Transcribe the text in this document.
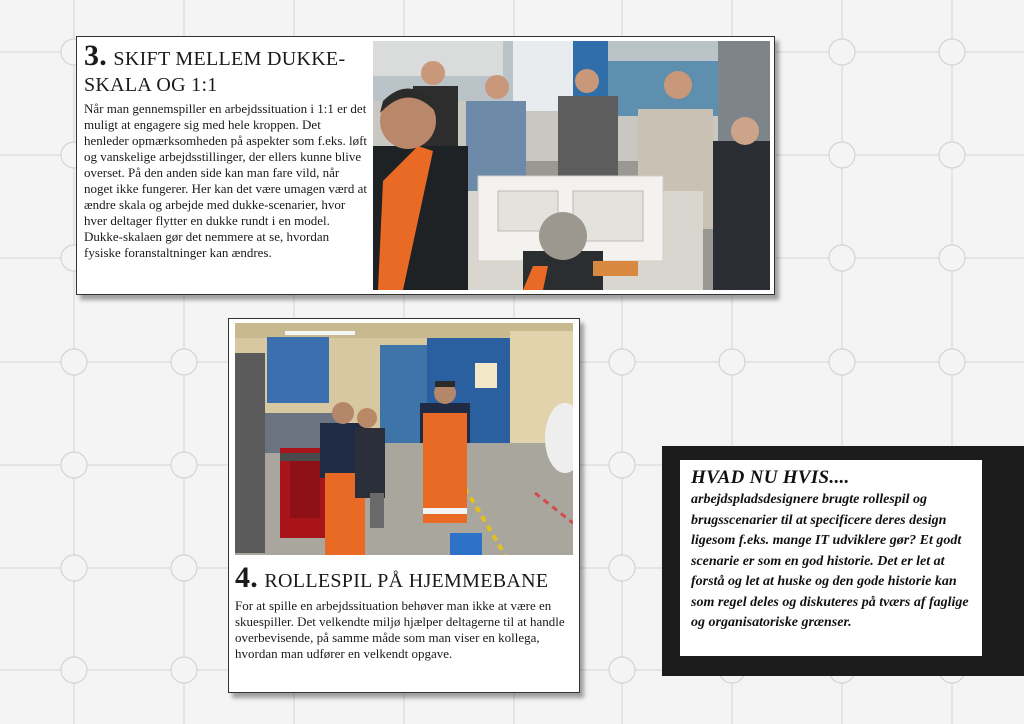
3. SKIFT MELLEM DUKKE-SKALA OG 1:1

Når man gennemspiller en arbejdssituation i 1:1 er det muligt at engagere sig med hele kroppen. Det henleder opmærksomheden på aspekter som f.eks. løft og vanskelige arbejdsstillinger, der ellers kunne blive overset. På den anden side kan man fare vild, når noget ikke fungerer. Her kan det være umagen værd at ændre skala og arbejde med dukke-scenarier, hvor hver deltager flytter en dukke rundt i en model. Dukke-skalaen gør det nemmere at se, hvordan fysiske foranstaltninger kan ændres.

4. ROLLESPIL PÅ HJEMMEBANE

For at spille en arbejdssituation behøver man ikke at være en skuespiller. Det velkendte miljø hjælper deltagerne til at handle overbevisende, på samme måde som man viser en kollega, hvordan man udfører en velkendt opgave.

HVAD NU HVIS....

arbejdspladsdesignere brugte rollespil og brugsscenarier til at specificere deres design ligesom f.eks. mange IT udviklere gør? Et godt scenarie er som en god historie. Det er let at forstå og let at huske og den gode historie kan som regel deles og diskuteres på tværs af faglige og organisatoriske grænser.
